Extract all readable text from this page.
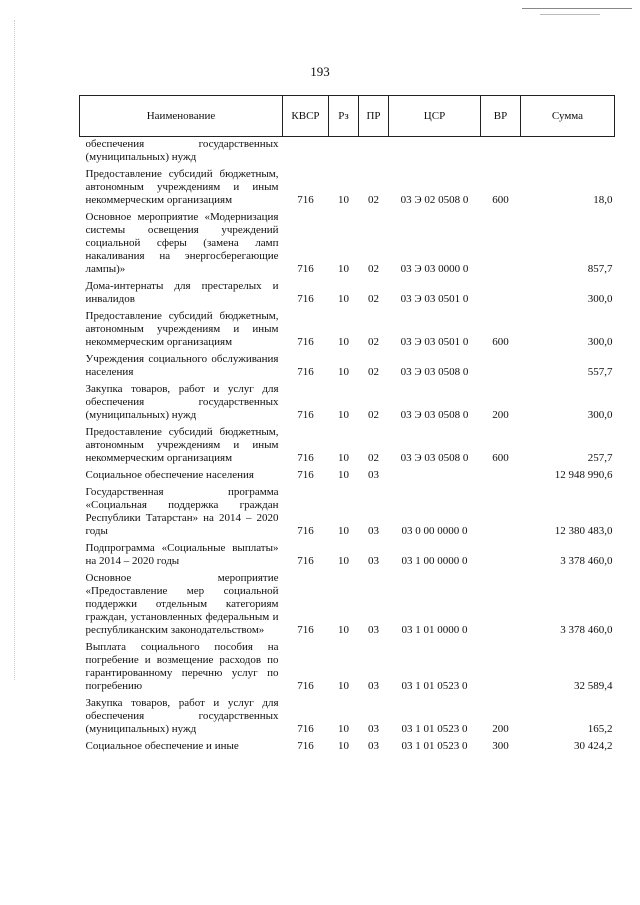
193
Наименование	КВСР	Рз	ПР	ЦСР	ВР	Сумма
обеспечения государственных (муниципальных) нужд						
Предоставление субсидий бюджетным, автономным учреждениям и иным некоммерческим организациям	716	10	02	03 Э 02 0508 0	600	18,0
Основное мероприятие «Модернизация системы освещения учреждений социальной сферы (замена ламп накаливания на энергосберегающие лампы)»	716	10	02	03 Э 03 0000 0		857,7
Дома-интернаты для престарелых и инвалидов	716	10	02	03 Э 03 0501 0		300,0
Предоставление субсидий бюджетным, автономным учреждениям и иным некоммерческим организациям	716	10	02	03 Э 03 0501 0	600	300,0
Учреждения социального обслуживания населения	716	10	02	03 Э 03 0508 0		557,7
Закупка товаров, работ и услуг для обеспечения государственных (муниципальных) нужд	716	10	02	03 Э 03 0508 0	200	300,0
Предоставление субсидий бюджетным, автономным учреждениям и иным некоммерческим организациям	716	10	02	03 Э 03 0508 0	600	257,7
Социальное обеспечение населения	716	10	03			12 948 990,6
Государственная программа «Социальная поддержка граждан Республики Татарстан» на 2014 – 2020 годы	716	10	03	03 0 00 0000 0		12 380 483,0
Подпрограмма «Социальные выплаты» на 2014 – 2020 годы	716	10	03	03 1 00 0000 0		3 378 460,0
Основное мероприятие «Предоставление мер социальной поддержки отдельным категориям граждан, установленных федеральным и республиканским законодательством»	716	10	03	03 1 01 0000 0		3 378 460,0
Выплата социального пособия на погребение и возмещение расходов по гарантированному перечню услуг по погребению	716	10	03	03 1 01 0523 0		32 589,4
Закупка товаров, работ и услуг для обеспечения государственных (муниципальных) нужд	716	10	03	03 1 01 0523 0	200	165,2
Социальное обеспечение и иные	716	10	03	03 1 01 0523 0	300	30 424,2
